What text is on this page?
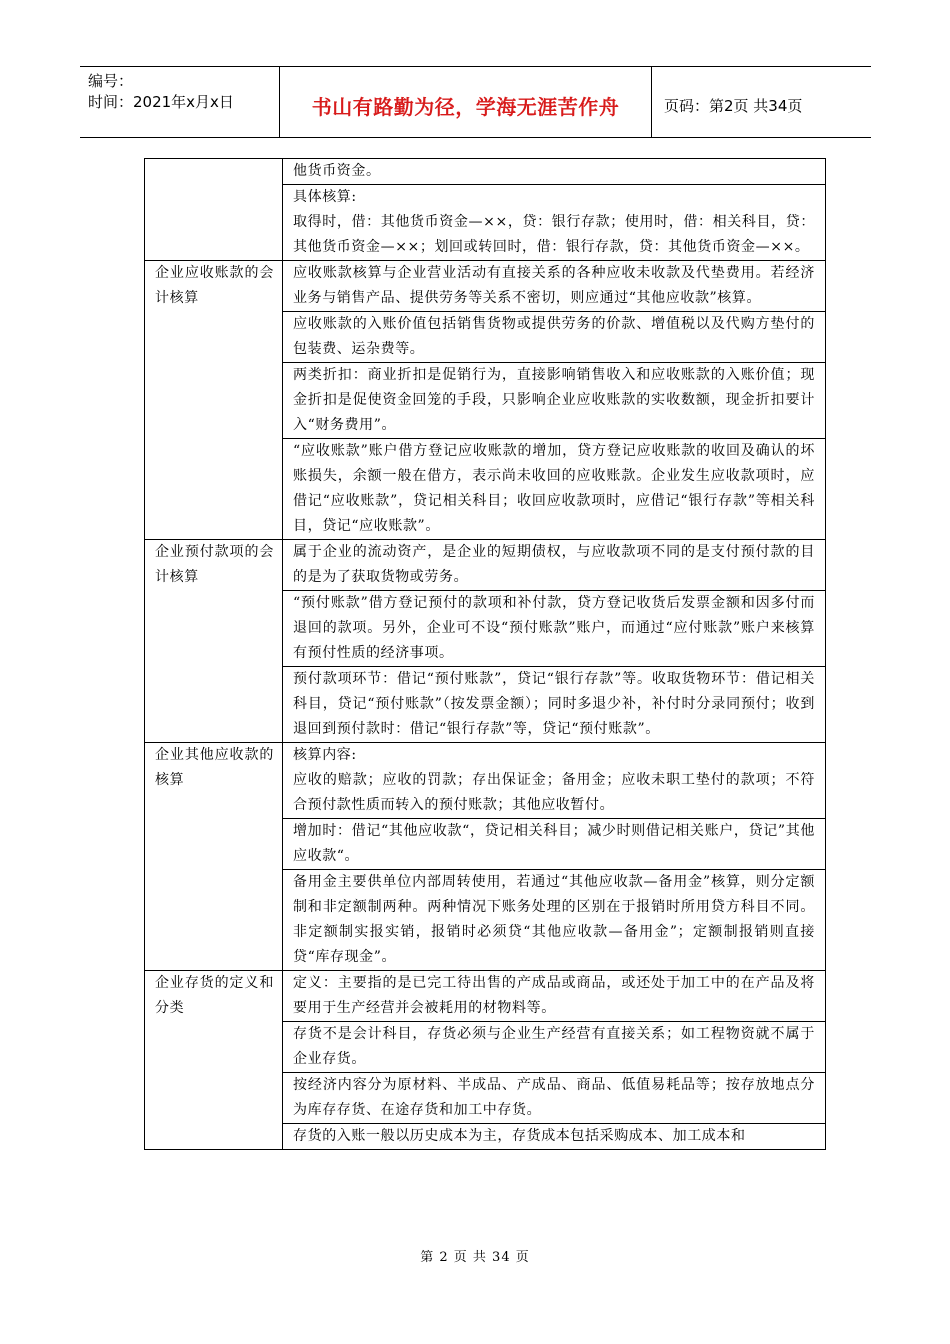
编号：
时间：2021年x月x日	书山有路勤为径，学海无涯苦作舟	页码：第2页 共34页

	他货币资金。

	具体核算:
取得时，借：其他货币资金—××，贷：银行存款；使用时，借：相关科目，贷：其他货币资金—××；划回或转回时，借：银行存款，贷：其他货币资金—××。

企业应收账款的会计核算	应收账款核算与企业营业活动有直接关系的各种应收未收款及代垫费用。若经济业务与销售产品、提供劳务等关系不密切，则应通过“其他应收款”核算。

	应收账款的入账价值包括销售货物或提供劳务的价款、增值税以及代购方垫付的包装费、运杂费等。

	两类折扣：商业折扣是促销行为，直接影响销售收入和应收账款的入账价值；现金折扣是促使资金回笼的手段，只影响企业应收账款的实收数额，现金折扣要计入“财务费用”。

	“应收账款”账户借方登记应收账款的增加，贷方登记应收账款的收回及确认的坏账损失，余额一般在借方，表示尚未收回的应收账款。企业发生应收款项时，应借记“应收账款”，贷记相关科目；收回应收款项时，应借记“银行存款”等相关科目，贷记“应收账款”。

企业预付款项的会计核算	属于企业的流动资产，是企业的短期债权，与应收款项不同的是支付预付款的目的是为了获取货物或劳务。

	“预付账款”借方登记预付的款项和补付款，贷方登记收货后发票金额和因多付而退回的款项。另外，企业可不设“预付账款”账户，而通过“应付账款”账户来核算有预付性质的经济事项。

	预付款项环节：借记“预付账款”，贷记“银行存款”等。收取货物环节：借记相关科目，贷记“预付账款”（按发票金额）；同时多退少补，补付时分录同预付；收到退回到预付款时：借记“银行存款”等，贷记“预付账款”。

企业其他应收款的核算	核算内容:
应收的赔款；应收的罚款；存出保证金；备用金；应收未职工垫付的款项；不符合预付款性质而转入的预付账款；其他应收暂付。

	增加时：借记“其他应收款“，贷记相关科目；减少时则借记相关账户，贷记”其他应收款“。

	备用金主要供单位内部周转使用，若通过“其他应收款—备用金”核算，则分定额制和非定额制两种。两种情况下账务处理的区别在于报销时所用贷方科目不同。非定额制实报实销，报销时必须贷“其他应收款—备用金”；定额制报销则直接贷“库存现金”。

企业存货的定义和分类	定义：主要指的是已完工待出售的产成品或商品，或还处于加工中的在产品及将要用于生产经营并会被耗用的材物料等。

	存货不是会计科目，存货必须与企业生产经营有直接关系；如工程物资就不属于企业存货。

	按经济内容分为原材料、半成品、产成品、商品、低值易耗品等；按存放地点分为库存存货、在途存货和加工中存货。

	存货的入账一般以历史成本为主，存货成本包括采购成本、加工成本和
第 2 页 共 34 页
